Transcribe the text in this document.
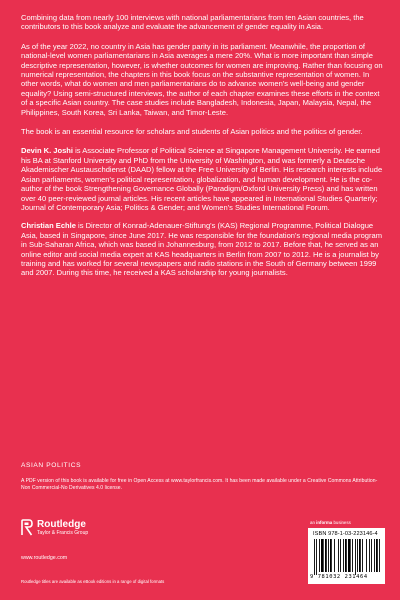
Combining data from nearly 100 interviews with national parliamentarians from ten Asian countries, the contributors to this book analyze and evaluate the advancement of gender equality in Asia.

As of the year 2022, no country in Asia has gender parity in its parliament. Meanwhile, the proportion of national-level women parliamentarians in Asia averages a mere 20%. What is more important than simple descriptive representation, however, is whether outcomes for women are improving. Rather than focusing on numerical representation, the chapters in this book focus on the substantive representation of women. In other words, what do women and men parliamentarians do to advance women's well-being and gender equality? Using semi-structured interviews, the author of each chapter examines these efforts in the context of a specific Asian country. The case studies include Bangladesh, Indonesia, Japan, Malaysia, Nepal, the Philippines, South Korea, Sri Lanka, Taiwan, and Timor-Leste.

The book is an essential resource for scholars and students of Asian politics and the politics of gender.

Devin K. Joshi is Associate Professor of Political Science at Singapore Management University. He earned his BA at Stanford University and PhD from the University of Washington, and was formerly a Deutsche Akademischer Austauschdienst (DAAD) fellow at the Free University of Berlin. His research interests include Asian parliaments, women's political representation, globalization, and human development. He is the co-author of the book Strengthening Governance Globally (Paradigm/Oxford University Press) and has written over 40 peer-reviewed journal articles. His recent articles have appeared in International Studies Quarterly; Journal of Contemporary Asia; Politics & Gender; and Women's Studies International Forum.

Christian Echle is Director of Konrad-Adenauer-Stiftung's (KAS) Regional Programme, Political Dialogue Asia, based in Singapore, since June 2017. He was responsible for the foundation's regional media program in Sub-Saharan Africa, which was based in Johannesburg, from 2012 to 2017. Before that, he served as an online editor and social media expert at KAS headquarters in Berlin from 2007 to 2012. He is a journalist by training and has worked for several newspapers and radio stations in the South of Germany between 1999 and 2007. During this time, he received a KAS scholarship for young journalists.

ASIAN POLITICS
A PDF version of this book is available for free in Open Access at www.taylorfrancis.com. It has been made available under a Creative Commons Attribution-Non Commercial-No Derivatives 4.0 license.
Routledge
Taylor & Francis Group
www.routledge.com
Routledge titles are available as eBook editions in a range of digital formats
an informa business
ISBN 978-1-03-223146-4
9 781032 231464
